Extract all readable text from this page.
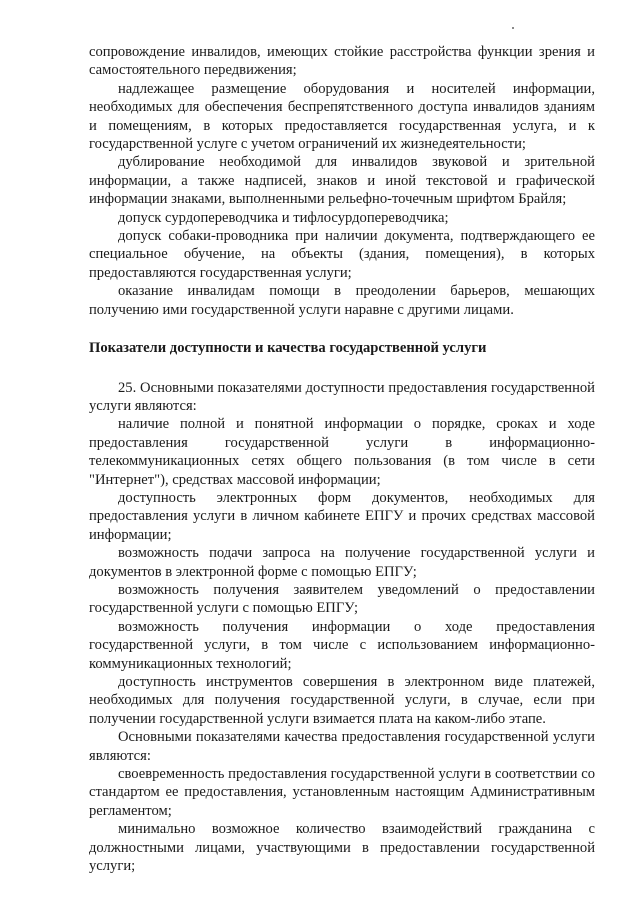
сопровождение инвалидов, имеющих стойкие расстройства функции зрения и самостоятельного передвижения;

надлежащее размещение оборудования и носителей информации, необходимых для обеспечения беспрепятственного доступа инвалидов зданиям и помещениям, в которых предоставляется государственная услуга, и к государственной услуге с учетом ограничений их жизнедеятельности;

дублирование необходимой для инвалидов звуковой и зрительной информации, а также надписей, знаков и иной текстовой и графической информации знаками, выполненными рельефно-точечным шрифтом Брайля;

допуск сурдопереводчика и тифлосурдопереводчика;

допуск собаки-проводника при наличии документа, подтверждающего ее специальное обучение, на объекты (здания, помещения), в которых предоставляются государственная услуги;

оказание инвалидам помощи в преодолении барьеров, мешающих получению ими государственной услуги наравне с другими лицами.

Показатели доступности и качества государственной услуги

25. Основными показателями доступности предоставления государственной услуги являются:

наличие полной и понятной информации о порядке, сроках и ходе предоставления государственной услуги в информационно-телекоммуникационных сетях общего пользования (в том числе в сети "Интернет"), средствах массовой информации;

доступность электронных форм документов, необходимых для предоставления услуги в личном кабинете ЕПГУ и прочих средствах массовой информации;

возможность подачи запроса на получение государственной услуги и документов в электронной форме с помощью ЕПГУ;

возможность получения заявителем уведомлений о предоставлении государственной услуги с помощью ЕПГУ;

возможность получения информации о ходе предоставления государственной услуги, в том числе с использованием информационно-коммуникационных технологий;

доступность инструментов совершения в электронном виде платежей, необходимых для получения государственной услуги, в случае, если при получении государственной услуги взимается плата на каком-либо этапе.

Основными показателями качества предоставления государственной услуги являются:

своевременность предоставления государственной услуги в соответствии со стандартом ее предоставления, установленным настоящим Административным регламентом;

минимально возможное количество взаимодействий гражданина с должностными лицами, участвующими в предоставлении государственной услуги;
